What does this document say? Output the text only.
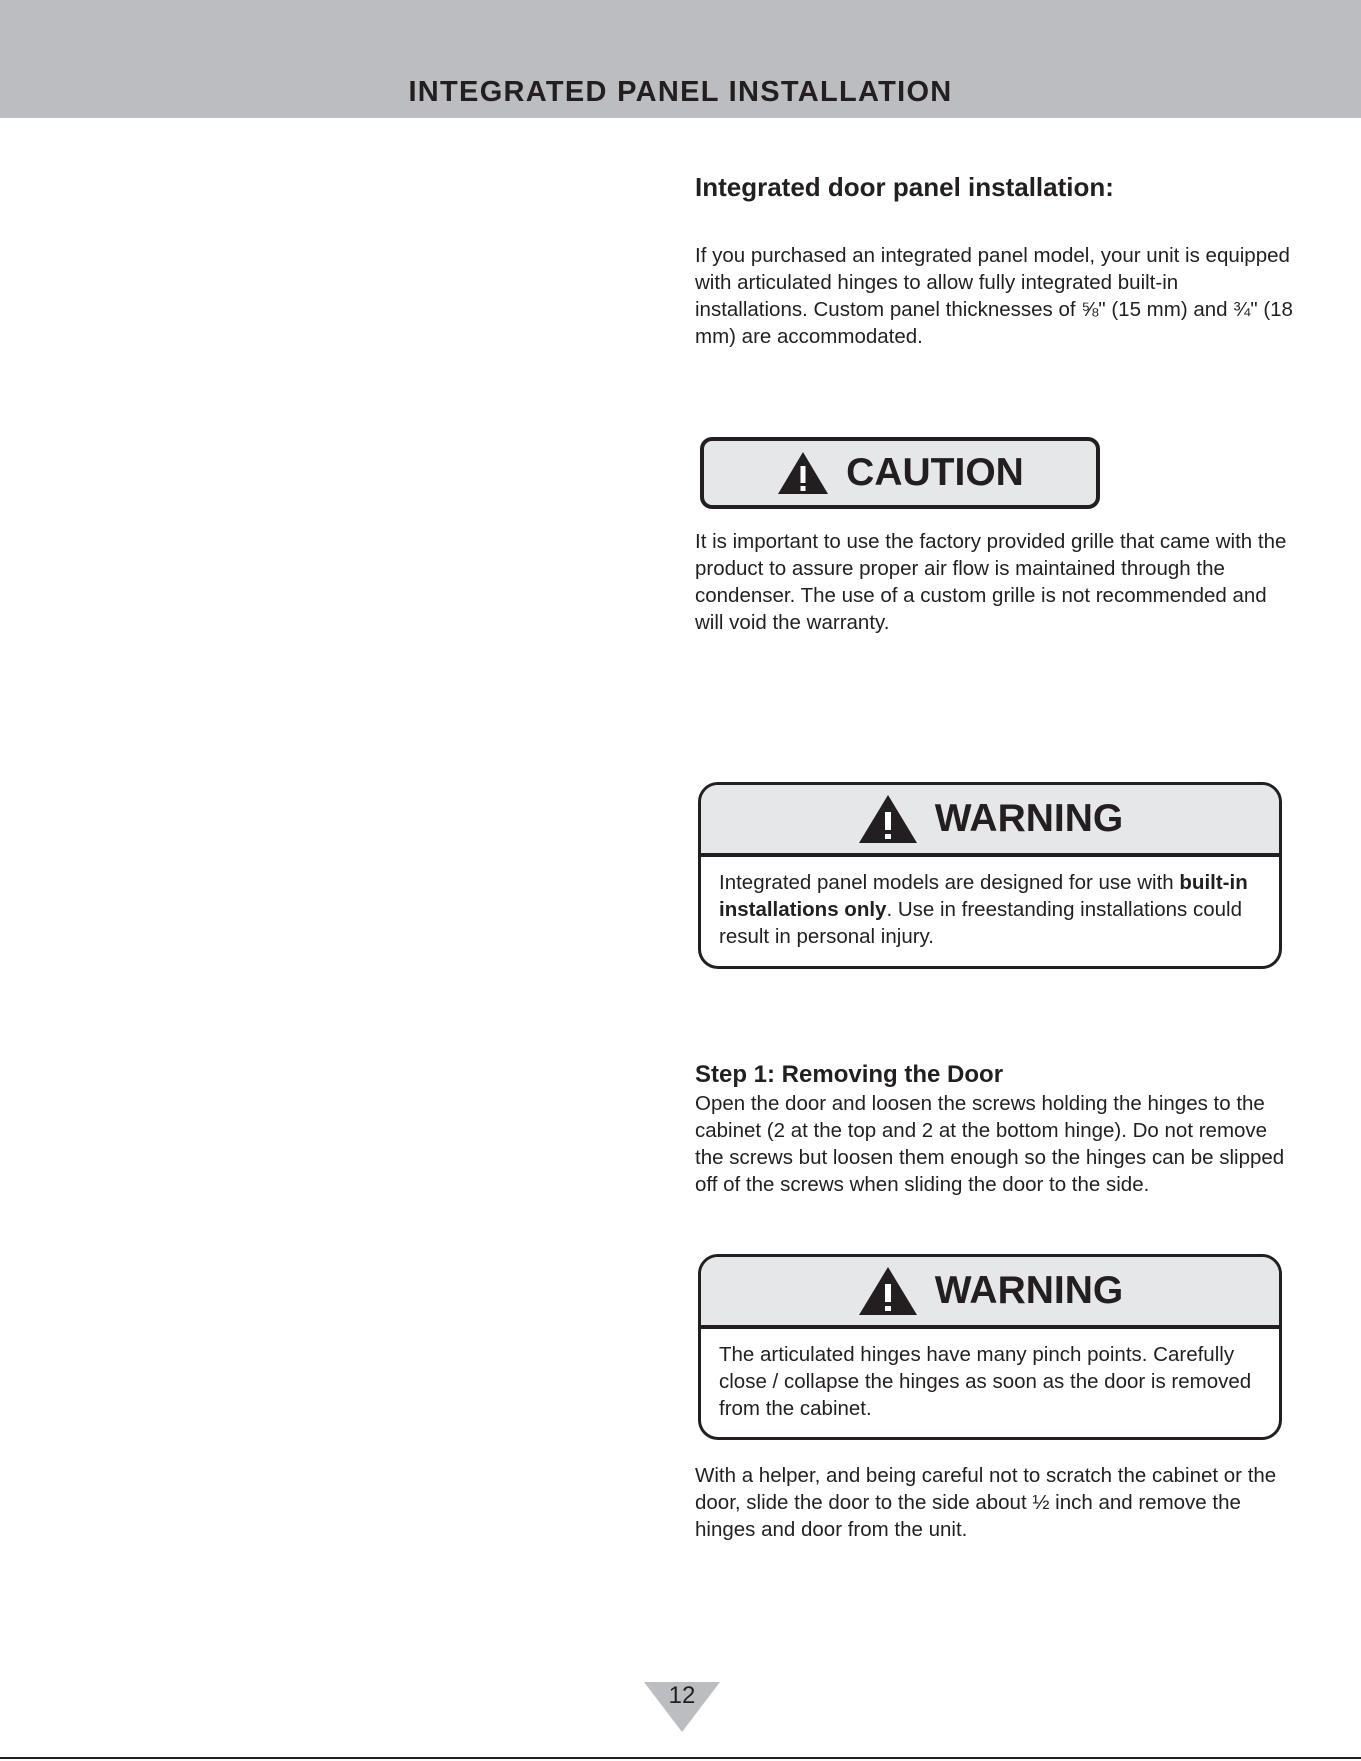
INTEGRATED PANEL INSTALLATION
Integrated door panel installation:
If you purchased an integrated panel model, your unit is equipped with articulated hinges to allow fully integrated built-in installations. Custom panel thicknesses of ⅝" (15 mm) and ¾" (18 mm) are accommodated.
CAUTION
It is important to use the factory provided grille that came with the product to assure proper air flow is maintained through the condenser. The use of a custom grille is not recommended and will void the warranty.
WARNING
Integrated panel models are designed for use with built-in installations only. Use in freestanding installations could result in personal injury.
Step 1: Removing the Door
Open the door and loosen the screws holding the hinges to the cabinet (2 at the top and 2 at the bottom hinge). Do not remove the screws but loosen them enough so the hinges can be slipped off of the screws when sliding the door to the side.
WARNING
The articulated hinges have many pinch points. Carefully close / collapse the hinges as soon as the door is removed from the cabinet.
With a helper, and being careful not to scratch the cabinet or the door, slide the door to the side about ½ inch and remove the hinges and door from the unit.
12
